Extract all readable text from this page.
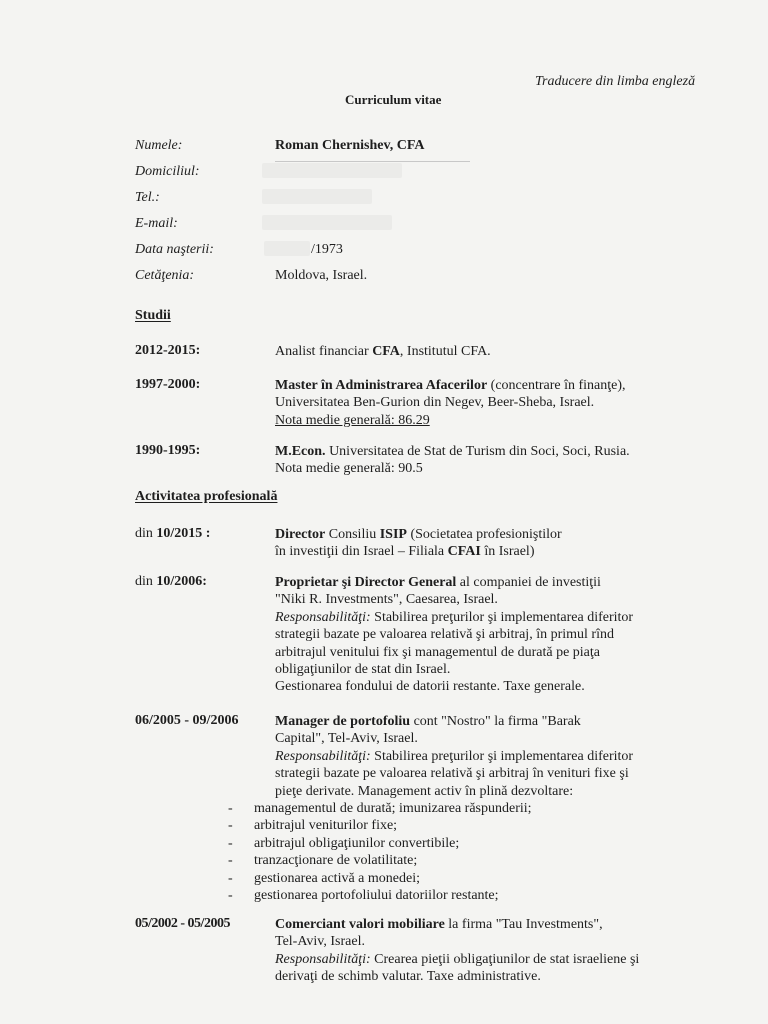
Traducere din limba engleză
Curriculum vitae
Numele:	Roman Chernishev, CFA
Domiciliul:
Tel.:
E-mail:
Data naşterii:	/1973
Cetăţenia:	Moldova, Israel.
Studii
2012-2015:	Analist financiar CFA, Institutul CFA.
1997-2000:	Master în Administrarea Afacerilor (concentrare în finanţe),
Universitatea Ben-Gurion din Negev, Beer-Sheba, Israel.
Nota medie generală: 86.29
1990-1995:	M.Econ. Universitatea de Stat de Turism din Soci, Soci, Rusia.
Nota medie generală: 90.5
Activitatea profesională
din 10/2015 :	Director Consiliu ISIP (Societatea profesioniştilor
în investiţii din Israel – Filiala CFAI în Israel)
din 10/2006:	Proprietar şi Director General al companiei de investiţii
"Niki R. Investments", Caesarea, Israel.
Responsabilităţi: Stabilirea preţurilor şi implementarea diferitor
strategii bazate pe valoarea relativă şi arbitraj, în primul rînd
arbitrajul venitului fix şi managementul de durată pe piaţa
obligaţiunilor de stat din Israel.
Gestionarea fondului de datorii restante. Taxe generale.
06/2005 - 09/2006	Manager de portofoliu cont "Nostro" la firma "Barak
Capital", Tel-Aviv, Israel.
Responsabilităţi: Stabilirea preţurilor şi implementarea diferitor
strategii bazate pe valoarea relativă şi arbitraj în venituri fixe şi
pieţe derivate. Management activ în plină dezvoltare:
-	managementul de durată; imunizarea răspunderii;
-	arbitrajul veniturilor fixe;
-	arbitrajul obligaţiunilor convertibile;
-	tranzacţionare de volatilitate;
-	gestionarea activă a monedei;
-	gestionarea portofoliului datoriilor restante;
05/2002 - 05/2005	Comerciant valori mobiliare la firma "Tau Investments",
Tel-Aviv, Israel.
Responsabilităţi: Crearea pieţii obligaţiunilor de stat israeliene şi
derivaţi de schimb valutar. Taxe administrative.
